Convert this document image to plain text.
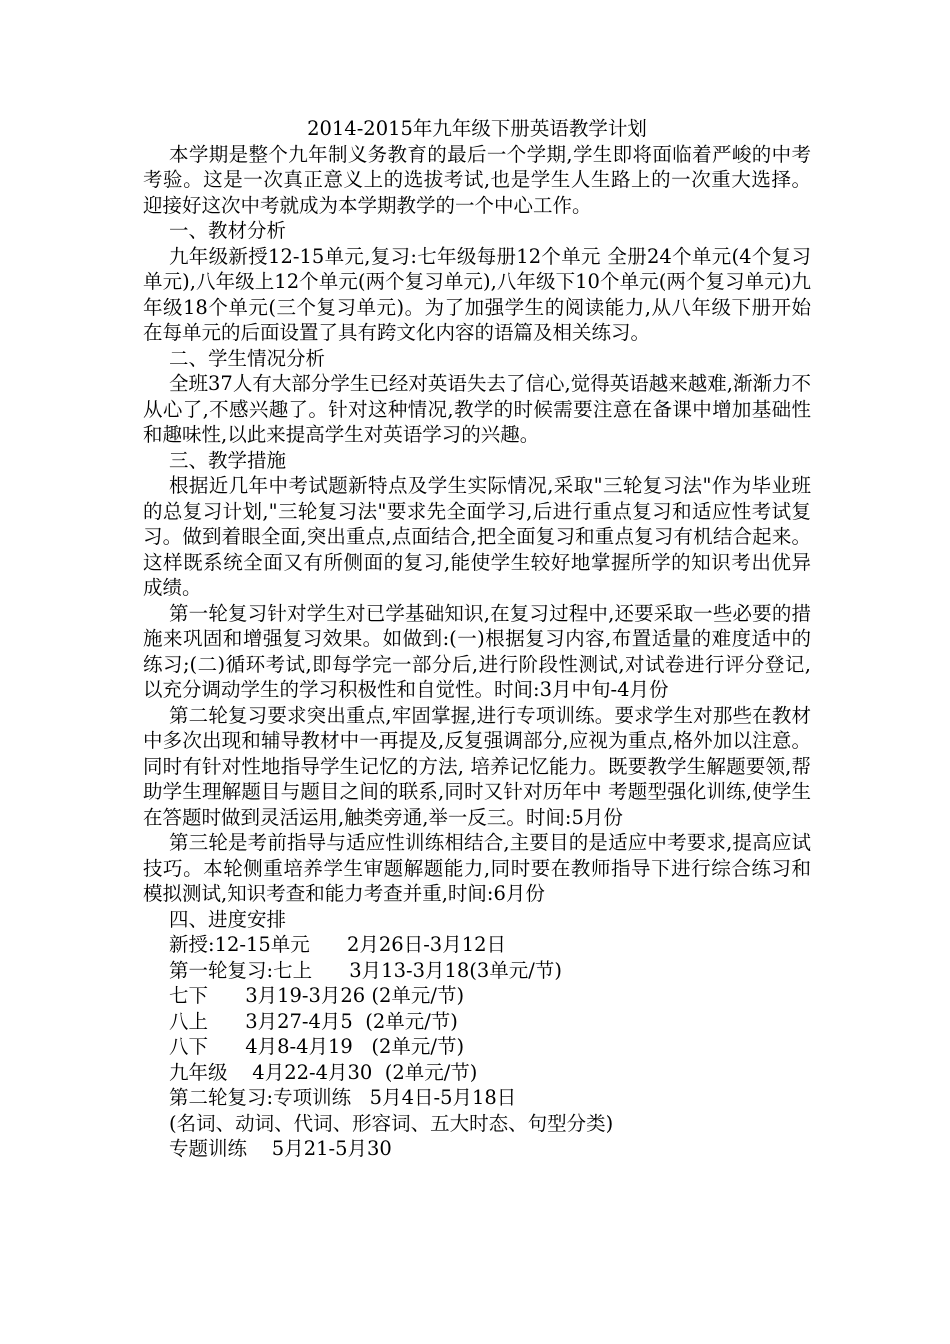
2014-2015年九年级下册英语教学计划

本学期是整个九年制义务教育的最后一个学期,学生即将面临着严峻的中考考验。这是一次真正意义上的选拔考试,也是学生人生路上的一次重大选择。迎接好这次中考就成为本学期教学的一个中心工作。

一、教材分析

九年级新授12-15单元,复习:七年级每册12个单元 全册24个单元(4个复习单元),八年级上12个单元(两个复习单元),八年级下10个单元(两个复习单元)九年级18个单元(三个复习单元)。为了加强学生的阅读能力,从八年级下册开始在每单元的后面设置了具有跨文化内容的语篇及相关练习。

二、学生情况分析

全班37人有大部分学生已经对英语失去了信心,觉得英语越来越难,渐渐力不从心了,不感兴趣了。针对这种情况,教学的时候需要注意在备课中增加基础性和趣味性,以此来提高学生对英语学习的兴趣。

三、教学措施

根据近几年中考试题新特点及学生实际情况,采取"三轮复习法"作为毕业班的总复习计划,"三轮复习法"要求先全面学习,后进行重点复习和适应性考试复习。做到着眼全面,突出重点,点面结合,把全面复习和重点复习有机结合起来。这样既系统全面又有所侧面的复习,能使学生较好地掌握所学的知识考出优异成绩。

第一轮复习针对学生对已学基础知识,在复习过程中,还要采取一些必要的措施来巩固和增强复习效果。如做到:(一)根据复习内容,布置适量的难度适中的练习;(二)循环考试,即每学完一部分后,进行阶段性测试,对试卷进行评分登记,以充分调动学生的学习积极性和自觉性。时间:3月中旬-4月份

第二轮复习要求突出重点,牢固掌握,进行专项训练。要求学生对那些在教材中多次出现和辅导教材中一再提及,反复强调部分,应视为重点,格外加以注意。同时有针对性地指导学生记忆的方法, 培养记忆能力。既要教学生解题要领,帮助学生理解题目与题目之间的联系,同时又针对历年中 考题型强化训练,使学生在答题时做到灵活运用,触类旁通,举一反三。时间:5月份

第三轮是考前指导与适应性训练相结合,主要目的是适应中考要求,提高应试技巧。本轮侧重培养学生审题解题能力,同时要在教师指导下进行综合练习和模拟测试,知识考查和能力考查并重,时间:6月份

四、进度安排

新授:12-15单元      2月26日-3月12日

第一轮复习:七上      3月13-3月18(3单元/节)

七下      3月19-3月26 (2单元/节)

八上      3月27-4月5  (2单元/节)

八下      4月8-4月19   (2单元/节)

九年级    4月22-4月30  (2单元/节)

第二轮复习:专项训练   5月4日-5月18日

(名词、动词、代词、形容词、五大时态、句型分类)

专题训练    5月21-5月30
